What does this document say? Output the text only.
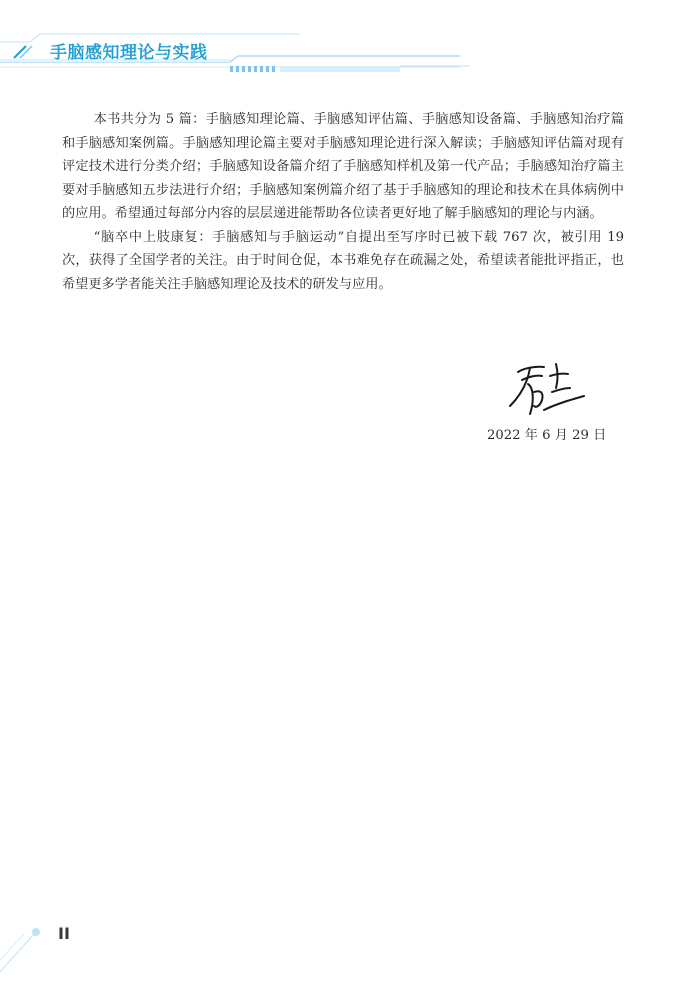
手脑感知理论与实践

本书共分为 5 篇：手脑感知理论篇、手脑感知评估篇、手脑感知设备篇、手脑感知治疗篇和手脑感知案例篇。手脑感知理论篇主要对手脑感知理论进行深入解读；手脑感知评估篇对现有评定技术进行分类介绍；手脑感知设备篇介绍了手脑感知样机及第一代产品；手脑感知治疗篇主要对手脑感知五步法进行介绍；手脑感知案例篇介绍了基于手脑感知的理论和技术在具体病例中的应用。希望通过每部分内容的层层递进能帮助各位读者更好地了解手脑感知的理论与内涵。

“脑卒中上肢康复：手脑感知与手脑运动”自提出至写序时已被下载 767 次，被引用 19 次，获得了全国学者的关注。由于时间仓促，本书难免存在疏漏之处，希望读者能批评指正，也希望更多学者能关注手脑感知理论及技术的研发与应用。

2022 年 6 月 29 日
II
